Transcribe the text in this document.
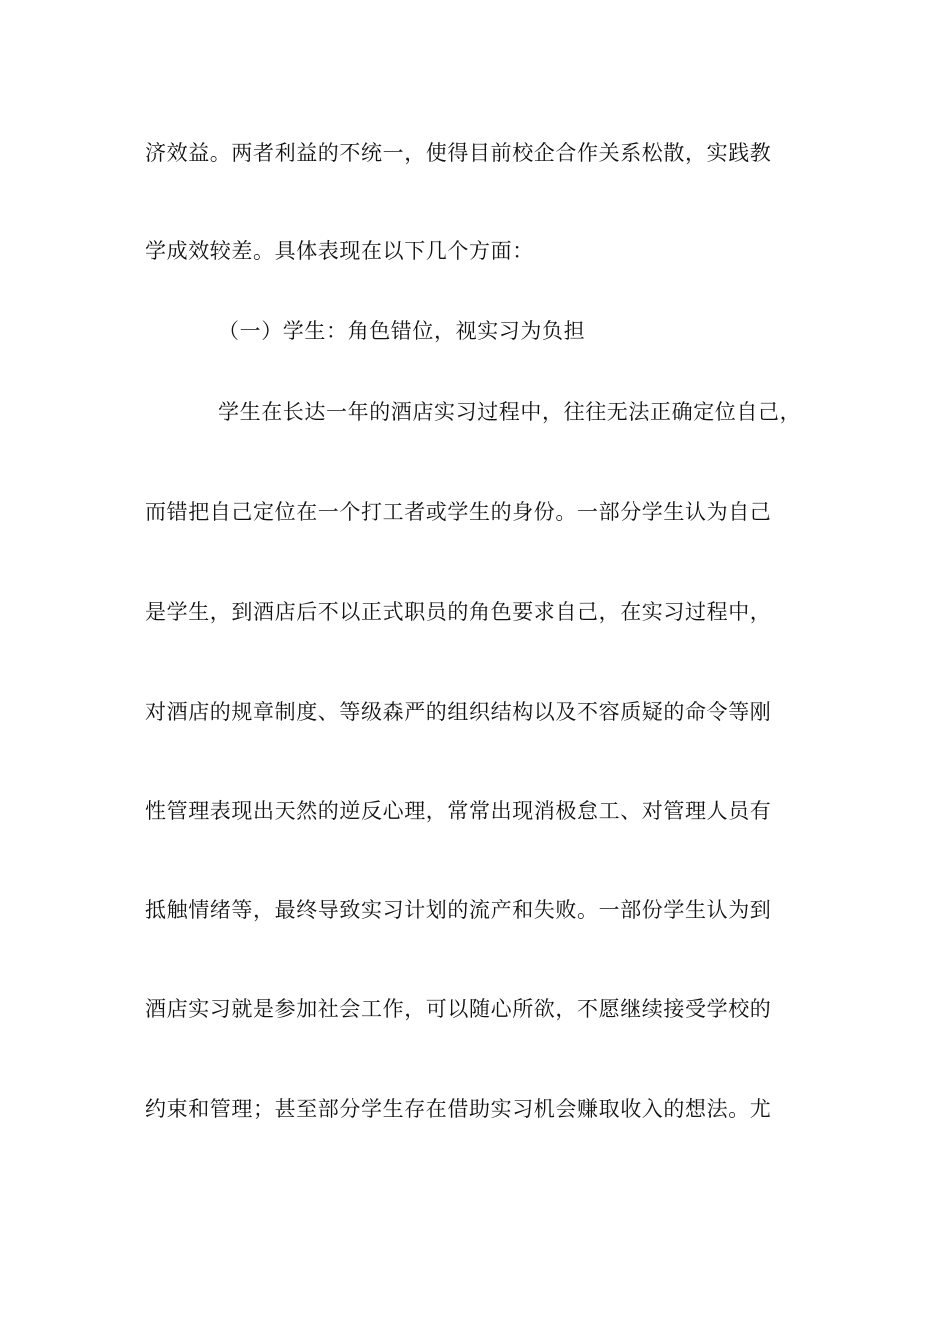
济效益。两者利益的不统一，使得目前校企合作关系松散，实践教
学成效较差。具体表现在以下几个方面：
（一）学生：角色错位，视实习为负担
学生在长达一年的酒店实习过程中，往往无法正确定位自己，
而错把自己定位在一个打工者或学生的身份。一部分学生认为自己
是学生，到酒店后不以正式职员的角色要求自己，在实习过程中，
对酒店的规章制度、等级森严的组织结构以及不容质疑的命令等刚
性管理表现出天然的逆反心理，常常出现消极怠工、对管理人员有
抵触情绪等，最终导致实习计划的流产和失败。一部份学生认为到
酒店实习就是参加社会工作，可以随心所欲，不愿继续接受学校的
约束和管理；甚至部分学生存在借助实习机会赚取收入的想法。尤
